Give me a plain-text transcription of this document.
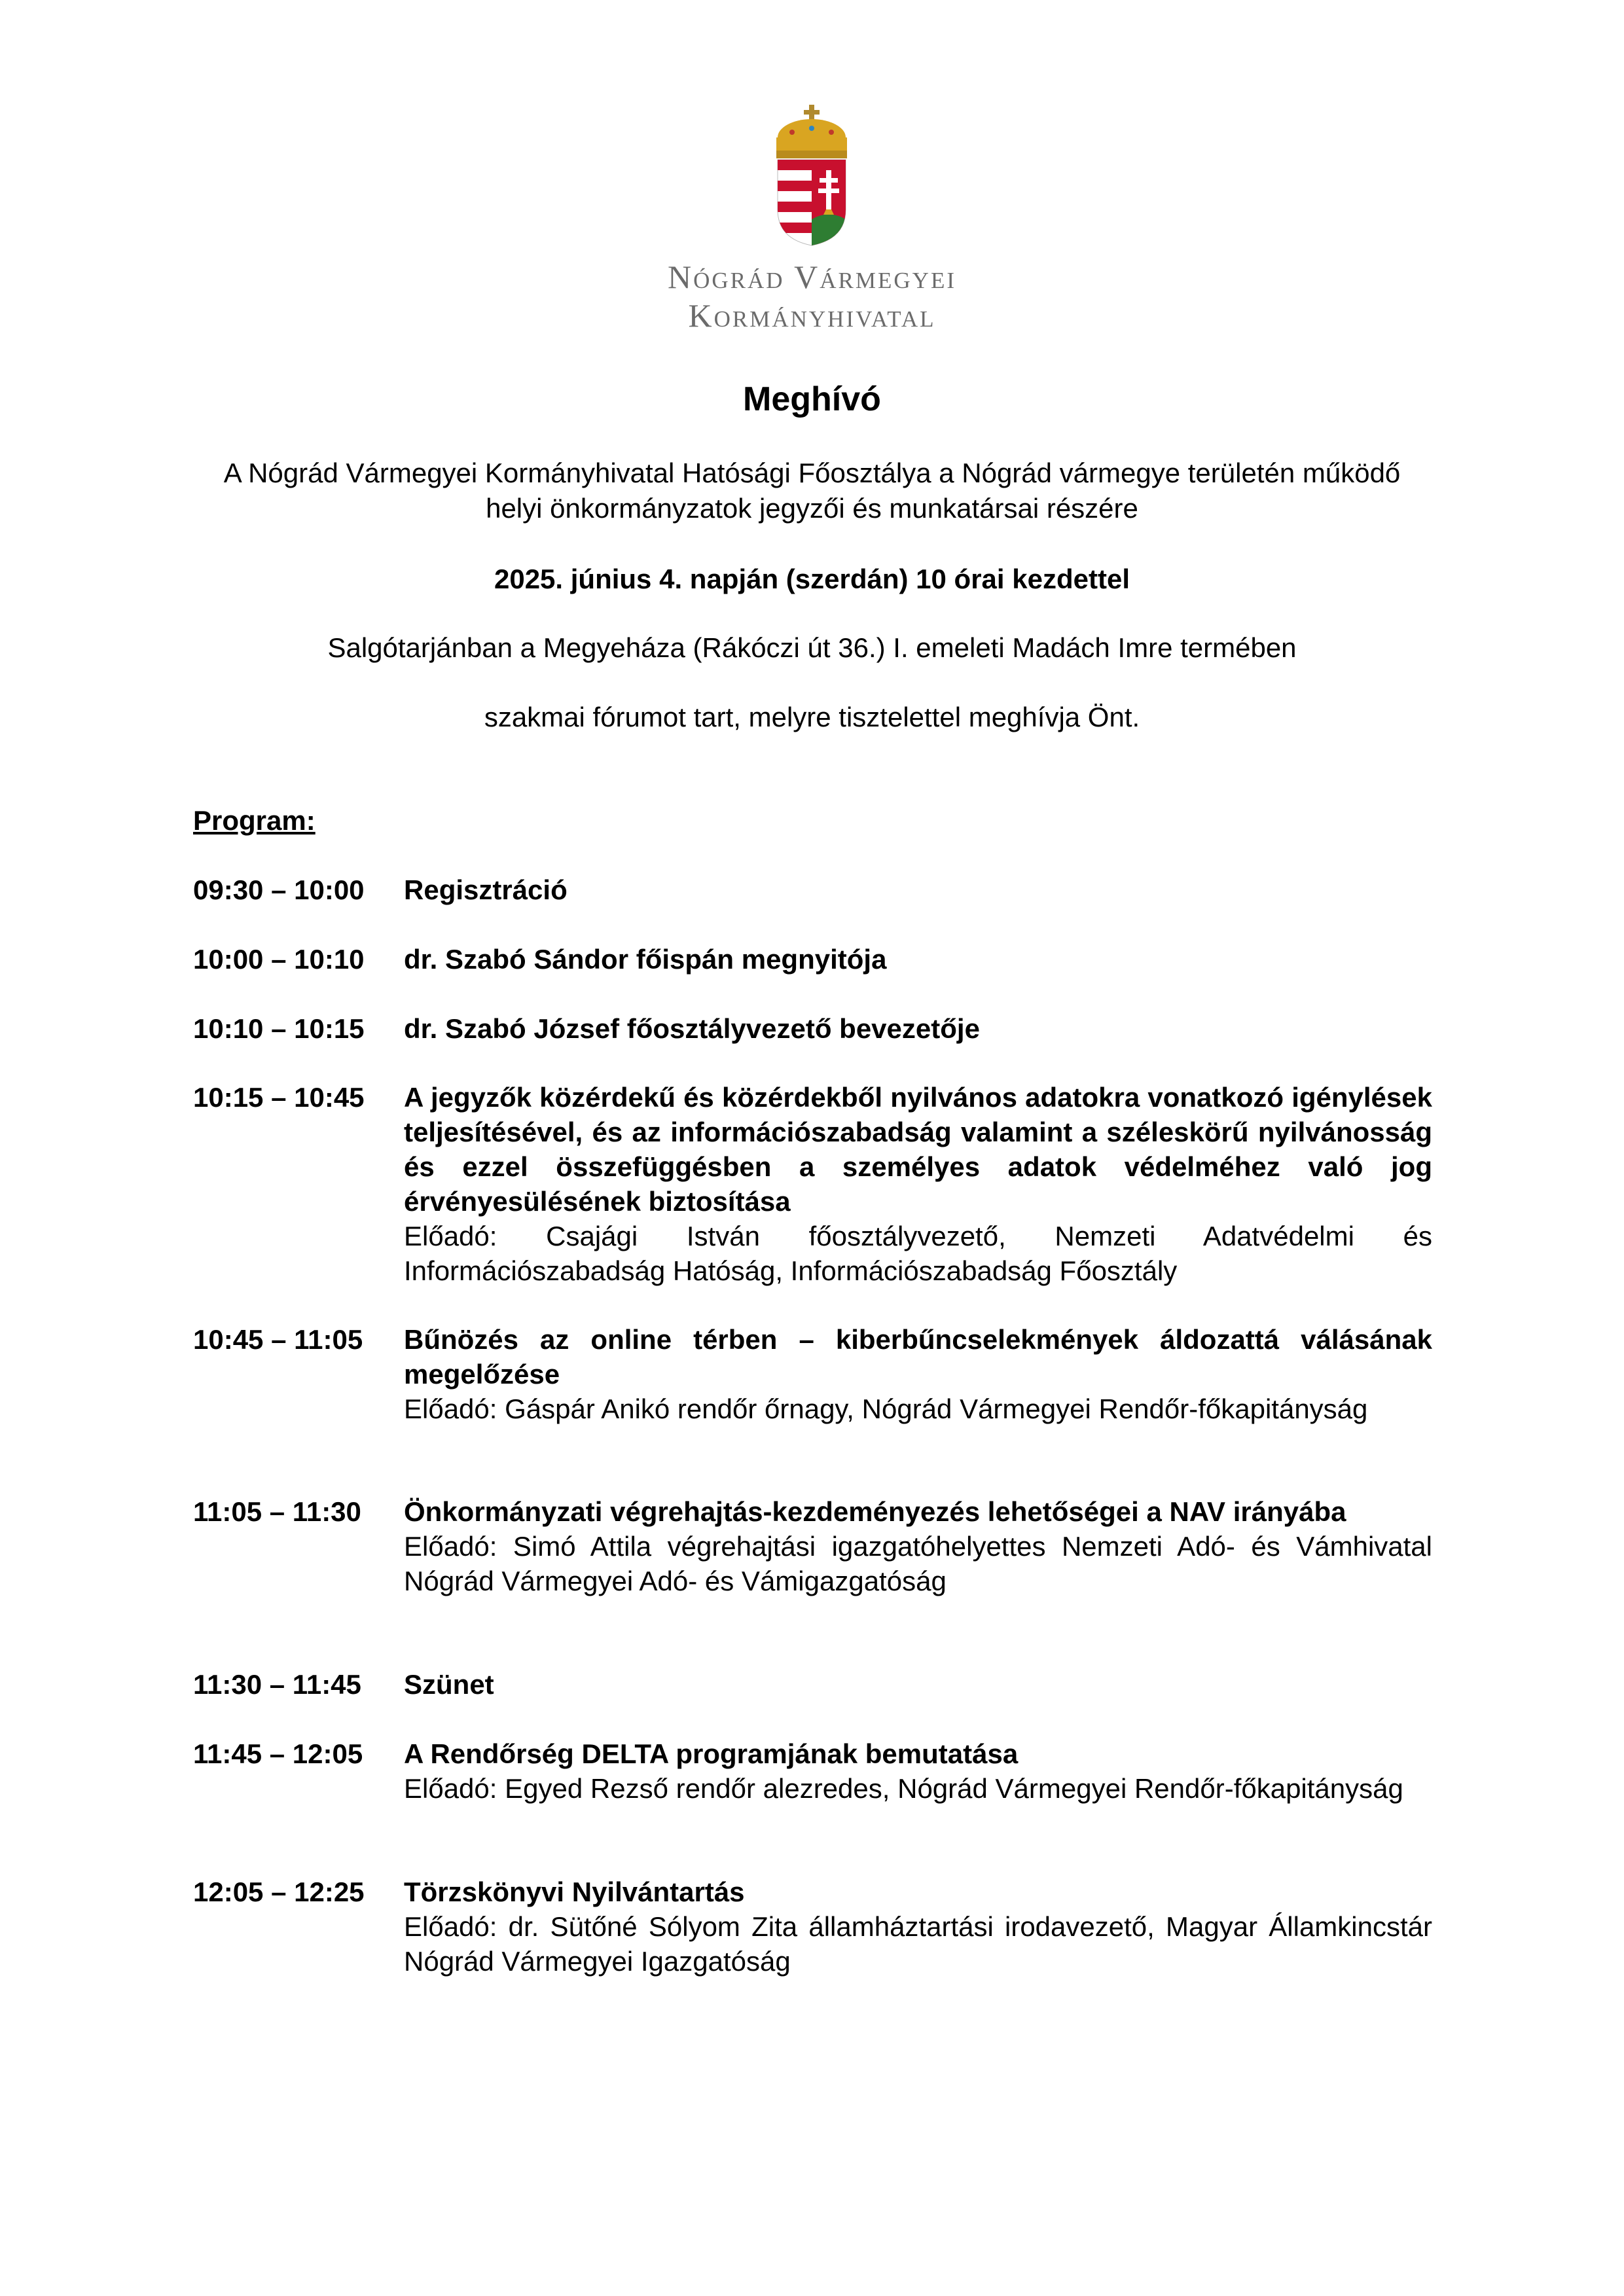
Nógrád Vármegyei
Kormányhivatal
Meghívó
A Nógrád Vármegyei Kormányhivatal Hatósági Főosztálya a Nógrád vármegye területén működő helyi önkormányzatok jegyzői és munkatársai részére
2025. június 4. napján (szerdán) 10 órai kezdettel
Salgótarjánban a Megyeháza (Rákóczi út 36.) I. emeleti Madách Imre termében
szakmai fórumot tart, melyre tisztelettel meghívja Önt.
Program:
09:30 – 10:00	Regisztráció

10:00 – 10:10	dr. Szabó Sándor főispán megnyitója

10:10 – 10:15	dr. Szabó József főosztályvezető bevezetője

10:15 – 10:45	A jegyzők közérdekű és közérdekből nyilvános adatokra vonatkozó igénylések teljesítésével, és az információszabadság valamint a széleskörű nyilvánosság és ezzel összefüggésben a személyes adatok védelméhez való jog érvényesülésének biztosítása

Előadó: Csajági István főosztályvezető, Nemzeti Adatvédelmi és Információszabadság Hatóság, Információszabadság Főosztály

10:45 – 11:05	Bűnözés az online térben – kiberbűncselekmények áldozattá válásának megelőzése

Előadó: Gáspár Anikó rendőr őrnagy, Nógrád Vármegyei Rendőr-főkapitányság

11:05 – 11:30	Önkormányzati végrehajtás-kezdeményezés lehetőségei a NAV irányába

Előadó: Simó Attila végrehajtási igazgatóhelyettes Nemzeti Adó- és Vámhivatal Nógrád Vármegyei Adó- és Vámigazgatóság

11:30 – 11:45	Szünet

11:45 – 12:05	A Rendőrség DELTA programjának bemutatása

Előadó: Egyed Rezső rendőr alezredes, Nógrád Vármegyei Rendőr-főkapitányság

12:05 – 12:25	Törzskönyvi Nyilvántartás

Előadó: dr. Sütőné Sólyom Zita államháztartási irodavezető, Magyar Államkincstár Nógrád Vármegyei Igazgatóság
